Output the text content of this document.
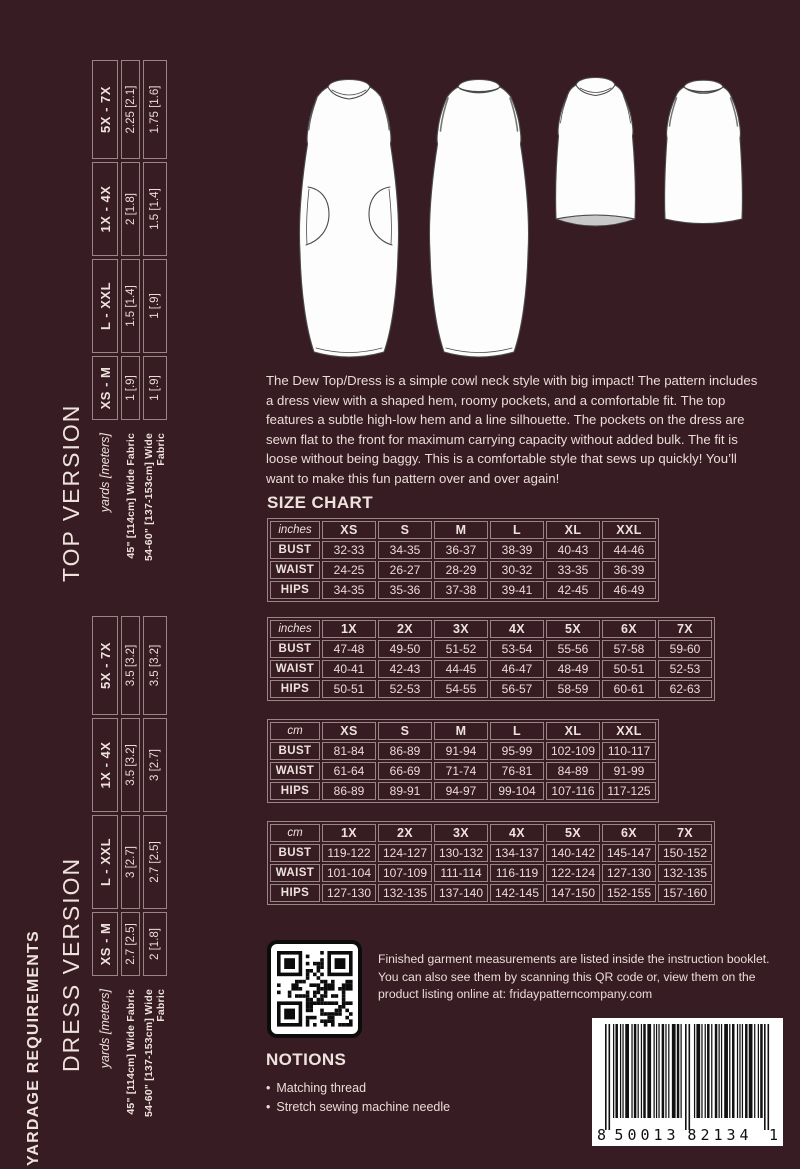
YARDAGE REQUIREMENTS
TOP VERSION yards [meters]	XS - M	L - XXL	1X - 4X	5X - 7X
45" [114cm] Wide Fabric	1 [.9]	1.5 [1.4]	2 [1.8]	2.25 [2.1]
54-60" [137-153cm] Wide Fabric	1 [.9]	1 [.9]	1.5 [1.4]	1.75 [1.6]
DRESS VERSION yards [meters]	XS - M	L - XXL	1X - 4X	5X - 7X
45" [114cm] Wide Fabric	2.7 [2.5]	3 [2.7]	3.5 [3.2]	3.5 [3.2]
54-60" [137-153cm] Wide Fabric	2 [1.8]	2.7 [2.5]	3 [2.7]	3.5 [3.2]
The Dew Top/Dress is a simple cowl neck style with big impact! The pattern includes
a dress view with a shaped hem, roomy pockets, and a comfortable fit. The top
features a subtle high-low hem and a line silhouette. The pockets on the dress are
sewn flat to the front for maximum carrying capacity without added bulk. The fit is
loose without being baggy. This is a comfortable style that sews up quickly! You’ll
want to make this fun pattern over and over again!
SIZE CHART
inches	XS	S	M	L	XL	XXL
BUST	32-33	34-35	36-37	38-39	40-43	44-46
WAIST	24-25	26-27	28-29	30-32	33-35	36-39
HIPS	34-35	35-36	37-38	39-41	42-45	46-49
inches	1X	2X	3X	4X	5X	6X	7X
BUST	47-48	49-50	51-52	53-54	55-56	57-58	59-60
WAIST	40-41	42-43	44-45	46-47	48-49	50-51	52-53
HIPS	50-51	52-53	54-55	56-57	58-59	60-61	62-63
cm	XS	S	M	L	XL	XXL
BUST	81-84	86-89	91-94	95-99	102-109	110-117
WAIST	61-64	66-69	71-74	76-81	84-89	91-99
HIPS	86-89	89-91	94-97	99-104	107-116	117-125
cm	1X	2X	3X	4X	5X	6X	7X
BUST	119-122	124-127	130-132	134-137	140-142	145-147	150-152
WAIST	101-104	107-109	111-114	116-119	122-124	127-130	132-135
HIPS	127-130	132-135	137-140	142-145	147-150	152-155	157-160
Finished garment measurements are listed inside the instruction booklet.
You can also see them by scanning this QR code or, view them on the
product listing online at: fridaypatterncompany.com
NOTIONS
• Matching thread
• Stretch sewing machine needle
8 50013 82134 1
